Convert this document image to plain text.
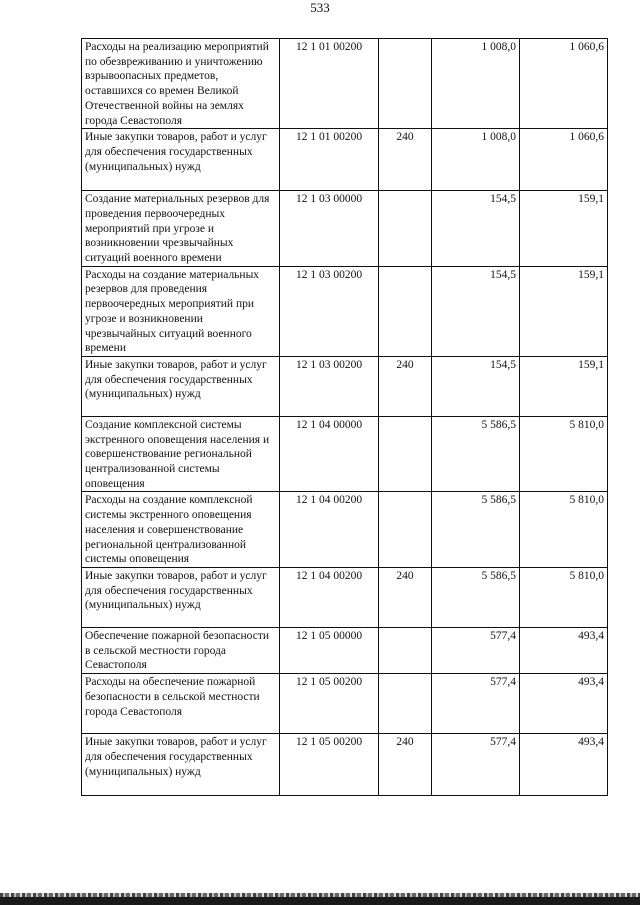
533
Расходы на реализацию мероприятий по обезвреживанию и уничтожению взрывоопасных предметов, оставшихся со времен Великой Отечественной войны на землях города Севастополя	12 1 01 00200		1 008,0	1 060,6
Иные закупки товаров, работ и услуг для обеспечения государственных (муниципальных) нужд	12 1 01 00200	240	1 008,0	1 060,6
Создание материальных резервов для проведения первоочередных мероприятий при угрозе и возникновении чрезвычайных ситуаций военного времени	12 1 03 00000		154,5	159,1
Расходы на создание материальных резервов для проведения первоочередных мероприятий при угрозе и возникновении чрезвычайных ситуаций военного времени	12 1 03 00200		154,5	159,1
Иные закупки товаров, работ и услуг для обеспечения государственных (муниципальных) нужд	12 1 03 00200	240	154,5	159,1
Создание комплексной системы экстренного оповещения населения и совершенствование региональной централизованной системы оповещения	12 1 04 00000		5 586,5	5 810,0
Расходы на создание комплексной системы экстренного оповещения населения и совершенствование региональной централизованной системы оповещения	12 1 04 00200		5 586,5	5 810,0
Иные закупки товаров, работ и услуг для обеспечения государственных (муниципальных) нужд	12 1 04 00200	240	5 586,5	5 810,0
Обеспечение пожарной безопасности в сельской местности города Севастополя	12 1 05 00000		577,4	493,4
Расходы на обеспечение пожарной безопасности в сельской местности города Севастополя	12 1 05 00200		577,4	493,4
Иные закупки товаров, работ и услуг для обеспечения государственных (муниципальных) нужд	12 1 05 00200	240	577,4	493,4
